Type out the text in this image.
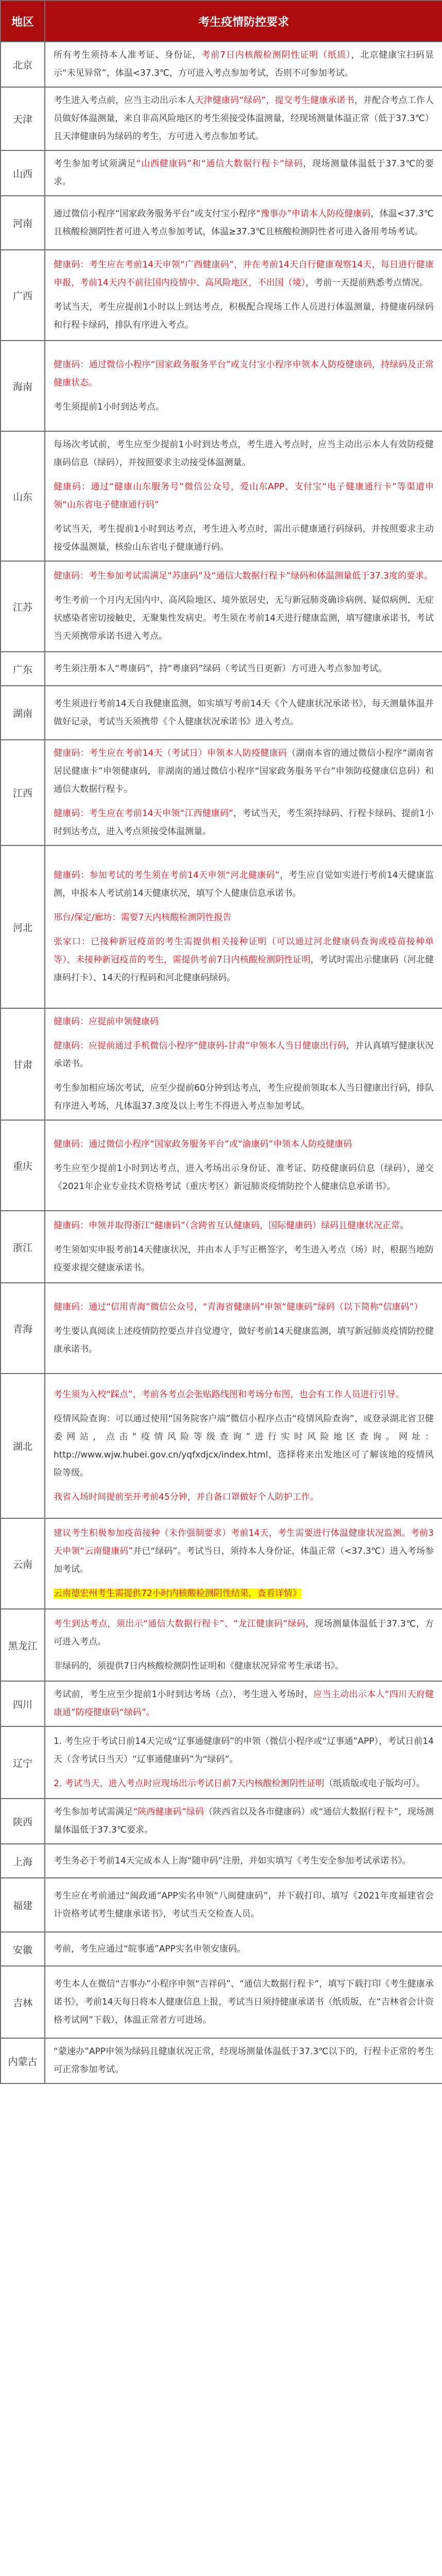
地区	考生疫情防控要求
北京	所有考生须持本人准考证、身份证，考前7日内核酸检测阴性证明（纸质），北京健康宝扫码显示“未见异常”，体温<37.3℃，方可进入考点参加考试，否则不可参加考试。

天津	考生进入考点前，应当主动出示本人天津健康码“绿码”，提交考生健康承诺书，并配合考点工作人员做好体温测量，来自非高风险地区的考生须接受体温测量，经现场测量体温正常（低于37.3℃）且天津健康码为绿码的考生，方可进入考点参加考试。

山西	考生参加考试须满足“山西健康码”和“通信大数据行程卡”绿码，现场测量体温低于37.3℃的要求。

河南	通过微信小程序“国家政务服务平台”或支付宝小程序“豫事办”申请本人防疫健康码，体温<37.3℃且核酸检测阴性者可进入考点参加考试，体温≥37.3℃且核酸检测阴性者可进入备用考场考试。

广西	健康码：考生应在考前14天申领“广西健康码”，并在考前14天自行健康观察14天，每日进行健康申报，考前14天内不前往国内疫情中、高风险地区，不出国（境），考前一天提前熟悉考点情况。
考试当天，考生应提前1小时以上到达考点，积极配合现场工作人员进行体温测量，持健康码绿码和行程卡绿码，排队有序进入考点。

海南	健康码：通过微信小程序“国家政务服务平台”或支付宝小程序申领本人防疫健康码，持绿码及正常健康状态。
考生须提前1小时到达考点。

山东	每场次考试前，考生应至少提前1小时到达考点，考生进入考点时，应当主动出示本人有效防疫健康码信息（绿码），并按照要求主动接受体温测量。
健康码：通过“健康山东服务号”微信公众号，爱山东APP、支付宝“电子健康通行卡”等渠道申领“山东省电子健康通行码”
考试当天，考生提前1小时到达考点，考生进入考点时，需出示健康通行码绿码，并按照要求主动接受体温测量，核验山东省电子健康通行码。

江苏	健康码：考生参加考试需满足“苏康码”及“通信大数据行程卡”绿码和体温测量低于37.3度的要求。
考生考前一个月内无国内中、高风险地区、境外旅居史，无与新冠肺炎确诊病例、疑似病例、无症状感染者密切接触史，无聚集性发病史。考生须在考前14天进行健康监测，填写健康承诺书，考试当天须携带承诺书进入考点。

广东	考生须注册本人“粤康码”，持“粤康码”绿码（考试当日更新）方可进入考点参加考试。

湖南	考生须进行考前14天自我健康监测，如实填写考前14天《个人健康状况承诺书》，每天测量体温并做好记录，考试当天须携带《个人健康状况承诺书》进入考点。

江西	健康码：考生应在考前14天（考试日）申领本人防疫健康码（湖南本省的通过微信小程序“湖南省居民健康卡”申领健康码，非湖南的通过微信小程序“国家政务服务平台”申领防疫健康信息码）和通信大数据行程卡。
健康码：考生应在考前14天申领“江西健康码”，考试当天，考生须持绿码、行程卡绿码、提前1小时到达考点，进入考点须接受体温测量。

河北	健康码：参加考试的考生须在考前14天申领“河北健康码”，考生应自觉如实进行考前14天健康监测，申报本人考试前14天健康状况，填写个人健康信息承诺书。
邢台/保定/廊坊：需要7天内核酸检测阴性报告
张家口：已接种新冠疫苗的考生需提供相关接种证明（可以通过河北健康码查询或疫苗接种单等），未接种新冠疫苗的考生，需提供考前7日内核酸检测阴性证明，考试时需出示健康码（河北健康码打卡）、14天的行程码和河北健康码绿码。

甘肃	健康码：应提前申领健康码
健康码：应提前通过手机微信小程序“健康码-甘肃”申领本人当日健康出行码，并认真填写健康状况承诺书。
考生参加相应场次考试，应至少提前60分钟到达考点，考生应提前领取本人当日健康出行码，排队有序进入考场，凡体温37.3度及以上考生不得进入考点参加考试。

重庆	健康码：通过微信小程序“国家政务服务平台”或“渝康码”申领本人防疫健康码
考生应至少提前1小时到达考点，进入考场出示身份证、准考证、防疫健康码信息（绿码），递交《2021年企业专业技术资格考试（重庆考区）新冠肺炎疫情防控个人健康信息承诺书》。

浙江	健康码：申领并取得浙江“健康码”（含跨省互认健康码，国际健康码）绿码且健康状况正常。
考生须如实申报考前14天健康状况，并由本人手写正楷签字，考生进入考点（场）时，根据当地防疫要求提交健康承诺书。

青海	健康码：通过“信用青海”微信公众号，“青海省健康码”申领“健康码”绿码（以下简称“信康码”）
考生要认真阅读上述疫情防控要点并自觉遵守，做好考前14天健康监测，填写新冠肺炎疫情防控健康承诺书。

湖北	考生须为入校“踩点”，考前各考点会张贴路线图和考场分布图，也会有工作人员进行引导。
疫情风险查询：可以通过使用“国务院客户端”微信小程序点击“疫情风险查询”，或登录湖北省卫健委网站，点击“疫情风险等级查询”进行实时风险地区查询。网址：http://www.wjw.hubei.gov.cn/yqfxdjcx/index.html，选择将来出发地区可了解该地的疫情风险等级。
我省入场时间提前至开考前45分钟，并自备口罩做好个人防护工作。

云南	建议考生积极参加疫苗接种（未作强制要求）考前14天，考生需要进行体温健康状况监测。考前3天申领“云南健康码”并已“绿码”。考试当日，须持本人身份证，体温正常（<37.3℃）进入考场参加考试。
云南德宏州考生需提供72小时内核酸检测阴性结果，查看详情》

黑龙江	考生到达考点，须出示“通信大数据行程卡”、“龙江健康码”绿码，现场测量体温低于37.3℃，方可进入考点。
非绿码的，须提供7日内核酸检测阴性证明和《健康状况异常考生承诺书》。

四川	考试前，考生应至少提前1小时到达考场（点），考生进入考场时，应当主动出示本人“四川天府健康通”防疫健康码“绿码”。

辽宁	1. 考生应于考试日前14天完成“辽事通健康码”的申领（微信小程序或“辽事通”APP），考试日前14天（含考试日当天）“辽事通健康码”为“绿码”。
2. 考试当天，进入考点时应现场出示考试日前7天内核酸检测阴性证明（纸质版或电子版均可）。

陕西	考生参加考试需满足“陕西健康码”绿码（陕西省以及各市健康码）或“通信大数据行程卡”，现场测量体温低于37.3℃要求。

上海	考生务必于考前14天完成本人上海“随申码”注册，并如实填写《考生安全参加考试承诺书》。

福建	考生应在考前通过“闽政通”APP实名申领“八闽健康码”，并下载打印、填写《2021年度福建省会计资格考试考生健康承诺书》，考试当天交检查人员。

安徽	考前，考生应通过“皖事通”APP实名申领安康码。

吉林	考生本人在微信“吉事办”小程序申领“吉祥码”、“通信大数据行程卡”，填写下载打印《考生健康承诺书》，考前14天每日将本人健康信息上报，考试当日须持健康承诺书（纸质版，在“吉林省会计资格考试网”下载），体温正常者方可进场。

内蒙古	“蒙速办”APP申领为绿码且健康状况正常，经现场测量体温低于37.3℃以下的，行程卡正常的考生可正常参加考试。
